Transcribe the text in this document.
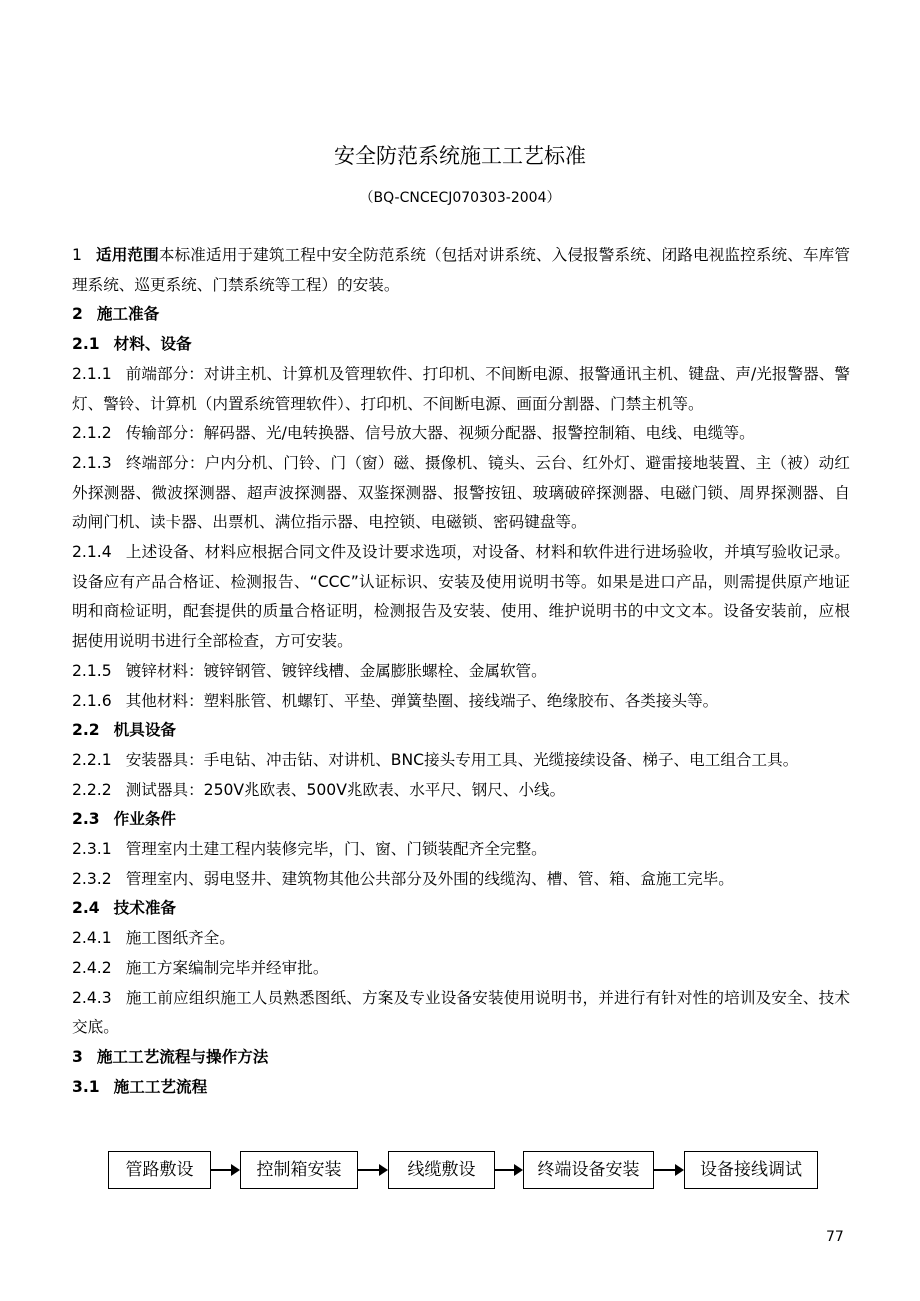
安全防范系统施工工艺标准
（BQ-CNCECJ070303-2004）

1 适用范围本标准适用于建筑工程中安全防范系统（包括对讲系统、入侵报警系统、闭路电视监控系统、车库管理系统、巡更系统、门禁系统等工程）的安装。

2 施工准备

2.1 材料、设备

2.1.1 前端部分：对讲主机、计算机及管理软件、打印机、不间断电源、报警通讯主机、键盘、声/光报警器、警灯、警铃、计算机（内置系统管理软件）、打印机、不间断电源、画面分割器、门禁主机等。

2.1.2 传输部分：解码器、光/电转换器、信号放大器、视频分配器、报警控制箱、电线、电缆等。

2.1.3 终端部分：户内分机、门铃、门（窗）磁、摄像机、镜头、云台、红外灯、避雷接地装置、主（被）动红外探测器、微波探测器、超声波探测器、双鉴探测器、报警按钮、玻璃破碎探测器、电磁门锁、周界探测器、自动闸门机、读卡器、出票机、满位指示器、电控锁、电磁锁、密码键盘等。

2.1.4 上述设备、材料应根据合同文件及设计要求选项，对设备、材料和软件进行进场验收，并填写验收记录。设备应有产品合格证、检测报告、“CCC”认证标识、安装及使用说明书等。如果是进口产品，则需提供原产地证明和商检证明，配套提供的质量合格证明，检测报告及安装、使用、维护说明书的中文文本。设备安装前，应根据使用说明书进行全部检查，方可安装。

2.1.5 镀锌材料：镀锌钢管、镀锌线槽、金属膨胀螺栓、金属软管。

2.1.6 其他材料：塑料胀管、机螺钉、平垫、弹簧垫圈、接线端子、绝缘胶布、各类接头等。

2.2 机具设备

2.2.1 安装器具：手电钻、冲击钻、对讲机、BNC接头专用工具、光缆接续设备、梯子、电工组合工具。

2.2.2 测试器具：250V兆欧表、500V兆欧表、水平尺、钢尺、小线。

2.3 作业条件

2.3.1 管理室内土建工程内装修完毕，门、窗、门锁装配齐全完整。

2.3.2 管理室内、弱电竖井、建筑物其他公共部分及外围的线缆沟、槽、管、箱、盒施工完毕。

2.4 技术准备

2.4.1 施工图纸齐全。

2.4.2 施工方案编制完毕并经审批。

2.4.3 施工前应组织施工人员熟悉图纸、方案及专业设备安装使用说明书，并进行有针对性的培训及安全、技术交底。

3 施工工艺流程与操作方法

3.1 施工工艺流程

管路敷设	控制箱安装	线缆敷设	终端设备安装	设备接线调试
77
